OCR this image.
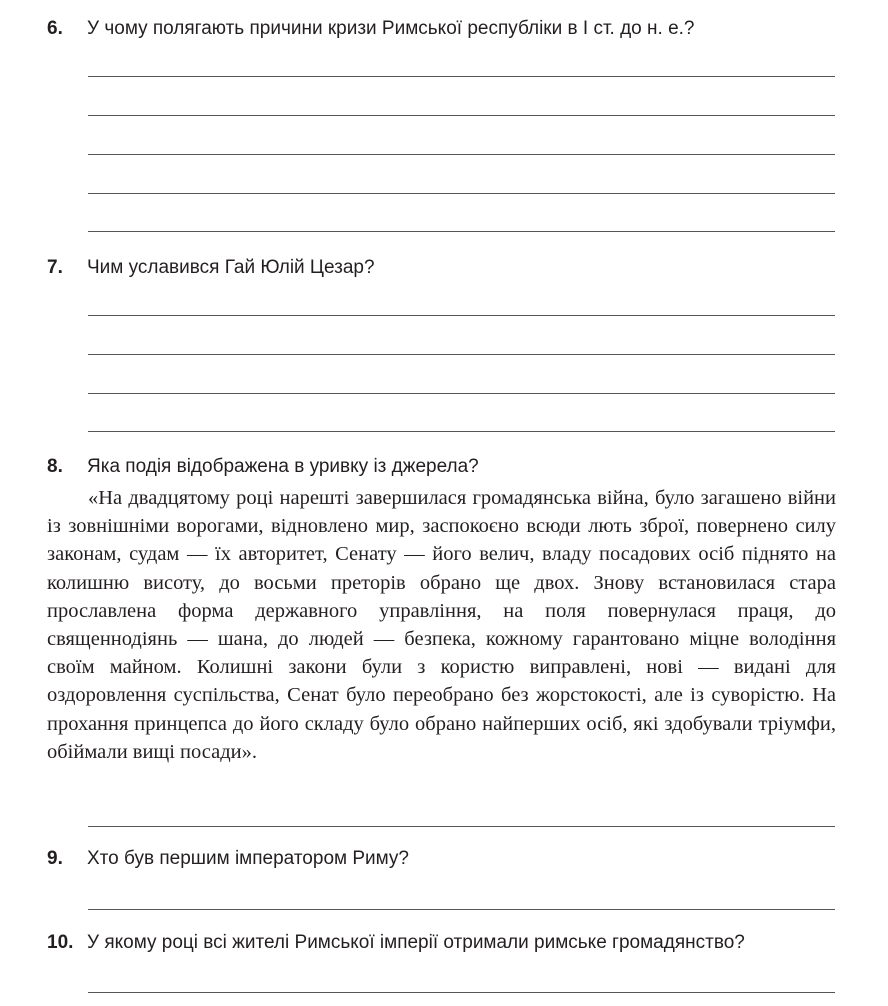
6. У чому полягають причини кризи Римської республіки в І ст. до н. е.?
7. Чим уславився Гай Юлій Цезар?
8. Яка подія відображена в уривку із джерела?

«На двадцятому році нарешті завершилася громадянська війна, було загашено війни із зовнішніми ворогами, відновлено мир, заспокоєно всюди лють зброї, повернено силу законам, судам — їх авторитет, Сенату — його велич, владу посадових осіб піднято на колишню висоту, до восьми преторів обрано ще двох. Знову встановилася стара прославлена форма державного управління, на поля повернулася праця, до священнодіянь — шана, до людей — безпека, кожному гарантовано міцне володіння своїм майном. Колишні закони були з користю виправлені, нові — видані для оздоровлення суспільства, Сенат було переобрано без жорстокості, але із суворістю. На прохання принцепса до його складу було обрано найперших осіб, які здобували тріумфи, обіймали вищі посади».

9. Хто був першим імператором Риму?
10. У якому році всі жителі Римської імперії отримали римське громадянство?
